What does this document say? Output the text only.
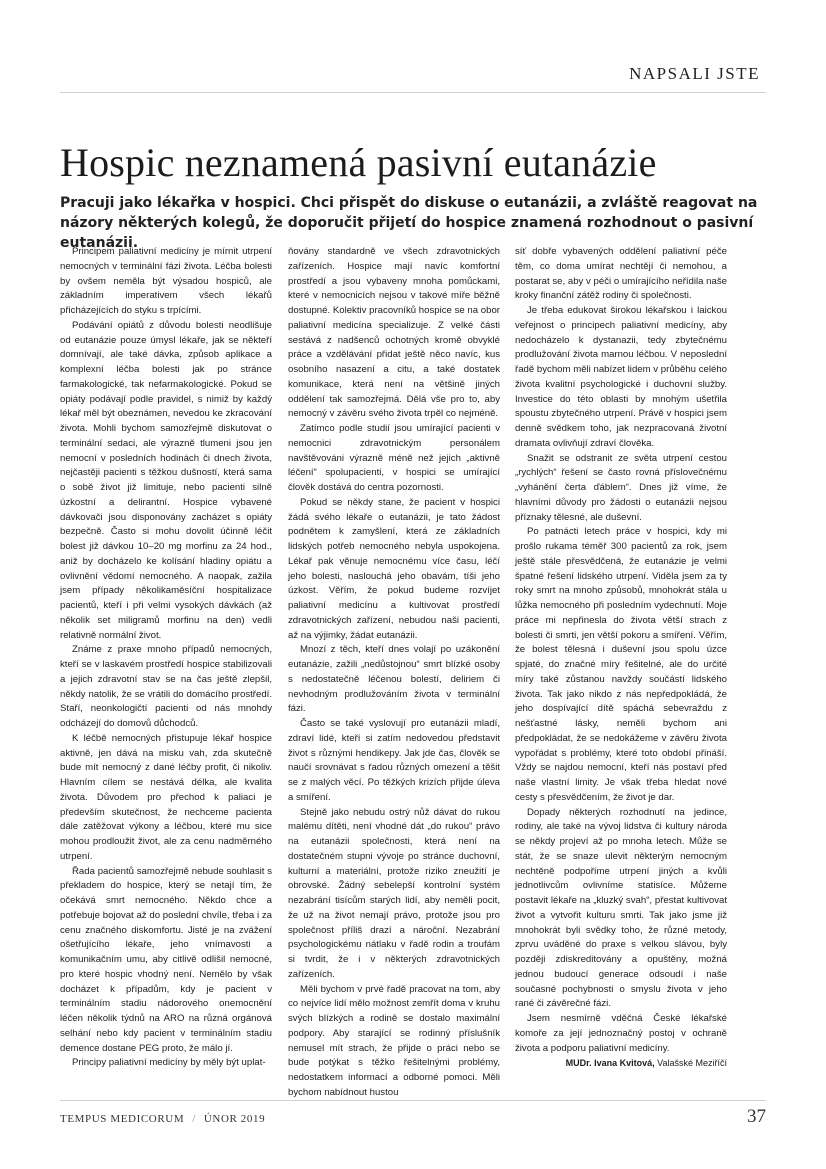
NAPSALI JSTE
Hospic neznamená pasivní eutanázie

Pracuji jako lékařka v hospici. Chci přispět do diskuse o eutanázii, a zvláště reagovat na názory některých kolegů, že doporučit přijetí do hospice znamená rozhodnout o pasivní eutanázii.

Principem paliativní medicíny je mírnit utrpení nemocných v terminální fázi života. Léčba bolesti by ovšem neměla být výsadou hospiců, ale základním imperativem všech lékařů přicházejících do styku s trpícími.

Podávání opiátů z důvodu bolesti neodlišuje od eutanázie pouze úmysl lékaře, jak se někteří domnívají, ale také dávka, způsob aplikace a komplexní léčba bolesti jak po stránce farmakologické, tak nefarmakologické. Pokud se opiáty podávají podle pravidel, s nimiž by každý lékař měl být obeznámen, nevedou ke zkracování života. Mohli bychom samozřejmě diskutovat o terminální sedaci, ale výrazně tlumeni jsou jen nemocní v posledních hodinách či dnech života, nejčastěji pacienti s těžkou dušností, která sama o sobě život již limituje, nebo pacienti silně úzkostní a delirantní. Hospice vybavené dávkovači jsou disponovány zacházet s opiáty bezpečně. Často si mohu dovolit účinně léčit bolest již dávkou 10–20 mg morfinu za 24 hod., aniž by docházelo ke kolísání hladiny opiátu a ovlivnění vědomí nemocného. A naopak, zažila jsem případy několikaměsíční hospitalizace pacientů, kteří i při velmi vysokých dávkách (až několik set miligramů morfinu na den) vedli relativně normální život.

Známe z praxe mnoho případů nemocných, kteří se v laskavém prostředí hospice stabilizovali a jejich zdravotní stav se na čas ještě zlepšil, někdy natolik, že se vrátili do domácího prostředí. Staří, neonkologičtí pacienti od nás mnohdy odcházejí do domovů důchodců.

K léčbě nemocných přistupuje lékař hospice aktivně, jen dává na misku vah, zda skutečně bude mít nemocný z dané léčby profit, či nikoliv. Hlavním cílem se nestává délka, ale kvalita života. Důvodem pro přechod k paliaci je především skutečnost, že nechceme pacienta dále zatěžovat výkony a léčbou, které mu sice mohou prodloužit život, ale za cenu nadměrného utrpení.

Řada pacientů samozřejmě nebude souhlasit s překladem do hospice, který se netají tím, že očekává smrt nemocného. Někdo chce a potřebuje bojovat až do poslední chvíle, třeba i za cenu značného diskomfortu. Jisté je na zvážení ošetřujícího lékaře, jeho vnímavosti a komunikačním umu, aby citlivě odlišil nemocné, pro které hospic vhodný není. Nemělo by však docházet k případům, kdy je pacient v terminálním stadiu nádorového onemocnění léčen několik týdnů na ARO na různá orgánová selhání nebo kdy pacient v terminálním stadiu demence dostane PEG proto, že málo jí.

Principy paliativní medicíny by měly být uplat-

ňovány standardně ve všech zdravotnických zařízeních. Hospice mají navíc komfortní prostředí a jsou vybaveny mnoha pomůckami, které v nemocnicích nejsou v takové míře běžně dostupné. Kolektiv pracovníků hospice se na obor paliativní medicína specializuje. Z velké části sestává z nadšenců ochotných kromě obvyklé práce a vzdělávání přidat ještě něco navíc, kus osobního nasazení a citu, a také dostatek komunikace, která není na většině jiných oddělení tak samozřejmá. Dělá vše pro to, aby nemocný v závěru svého života trpěl co nejméně.

Zatímco podle studií jsou umírající pacienti v nemocnici zdravotnickým personálem navštěvováni výrazně méně než jejich „aktivně léčení“ spolupacienti, v hospici se umírající člověk dostává do centra pozornosti.

Pokud se někdy stane, že pacient v hospici žádá svého lékaře o eutanázii, je tato žádost podnětem k zamyšlení, která ze základních lidských potřeb nemocného nebyla uspokojena. Lékař pak věnuje nemocnému více času, léčí jeho bolesti, naslouchá jeho obavám, tíši jeho úzkost. Věřím, že pokud budeme rozvíjet paliativní medicínu a kultivovat prostředí zdravotnických zařízení, nebudou naši pacienti, až na výjimky, žádat eutanázii.

Mnozí z těch, kteří dnes volají po uzákonění eutanázie, zažili „nedůstojnou“ smrt blízké osoby s nedostatečně léčenou bolestí, deliriem či nevhodným prodlužováním života v terminální fázi.

Často se také vyslovují pro eutanázii mladí, zdraví lidé, kteří si zatím nedovedou představit život s různými hendikepy. Jak jde čas, člověk se naučí srovnávat s řadou různých omezení a těšit se z malých věcí. Po těžkých krizích přijde úleva a smíření.

Stejně jako nebudu ostrý nůž dávat do rukou malému dítěti, není vhodné dát „do rukou“ právo na eutanázii společnosti, která není na dostatečném stupni vývoje po stránce duchovní, kulturní a materiální, protože riziko zneužití je obrovské. Žádný sebelepší kontrolní systém nezabrání tisícům starých lidí, aby neměli pocit, že už na život nemají právo, protože jsou pro společnost příliš drazí a nároční. Nezabrání psychologickému nátlaku v řadě rodin a troufám si tvrdit, že i v některých zdravotnických zařízeních.

Měli bychom v prvé řadě pracovat na tom, aby co nejvíce lidí mělo možnost zemřít doma v kruhu svých blízkých a rodině se dostalo maximální podpory. Aby starající se rodinný příslušník nemusel mít strach, že přijde o práci nebo se bude potýkat s těžko řešitelnými problémy, nedostatkem informací a odborné pomoci. Měli bychom nabídnout hustou

síť dobře vybavených oddělení paliativní péče těm, co doma umírat nechtějí či nemohou, a postarat se, aby v péči o umírajícího neřídila naše kroky finanční zátěž rodiny či společnosti.

Je třeba edukovat širokou lékařskou i laickou veřejnost o principech paliativní medicíny, aby nedocházelo k dystanazii, tedy zbytečnému prodlužování života marnou léčbou. V neposlední řadě bychom měli nabízet lidem v průběhu celého života kvalitní psychologické i duchovní služby. Investice do této oblasti by mnohým ušetřila spoustu zbytečného utrpení. Právě v hospici jsem denně svědkem toho, jak nezpracovaná životní dramata ovlivňují zdraví člověka.

Snažit se odstranit ze světa utrpení cestou „rychlých“ řešení se často rovná příslovečnému „vyhánění čerta ďáblem“. Dnes již víme, že hlavními důvody pro žádosti o eutanázii nejsou příznaky tělesné, ale duševní.

Po patnácti letech práce v hospici, kdy mi prošlo rukama téměř 300 pacientů za rok, jsem ještě stále přesvědčená, že eutanázie je velmi špatné řešení lidského utrpení. Viděla jsem za ty roky smrt na mnoho způsobů, mnohokrát stála u lůžka nemocného při posledním vydechnutí. Moje práce mi nepřinesla do života větší strach z bolesti či smrti, jen větší pokoru a smíření. Věřím, že bolest tělesná i duševní jsou spolu úzce spjaté, do značné míry řešitelné, ale do určité míry také zůstanou navždy součástí lidského života. Tak jako nikdo z nás nepředpokládá, že jeho dospívající dítě spáchá sebevraždu z nešťastné lásky, neměli bychom ani předpokládat, že se nedokážeme v závěru života vypořádat s problémy, které toto období přináší. Vždy se najdou nemocní, kteří nás postaví před naše vlastní limity. Je však třeba hledat nové cesty s přesvědčením, že život je dar.

Dopady některých rozhodnutí na jedince, rodiny, ale také na vývoj lidstva či kultury národa se někdy projeví až po mnoha letech. Může se stát, že se snaze ulevit některým nemocným nechtěně podpoříme utrpení jiných a kvůli jednotlivcům ovlivníme statisíce. Můžeme postavit lékaře na „kluzký svah“, přestat kultivovat život a vytvořit kulturu smrti. Tak jako jsme již mnohokrát byli svědky toho, že různé metody, zprvu uváděné do praxe s velkou slávou, byly později zdiskreditovány a opuštěny, možná jednou budoucí generace odsoudí i naše současné pochybnosti o smyslu života v jeho rané či závěrečné fázi.

Jsem nesmírně vděčná České lékařské komoře za její jednoznačný postoj v ochraně života a podporu paliativní medicíny.

MUDr. Ivana Kvitová, Valašské Meziříčí

TEMPUS MEDICORUM / ÚNOR 2019	37
